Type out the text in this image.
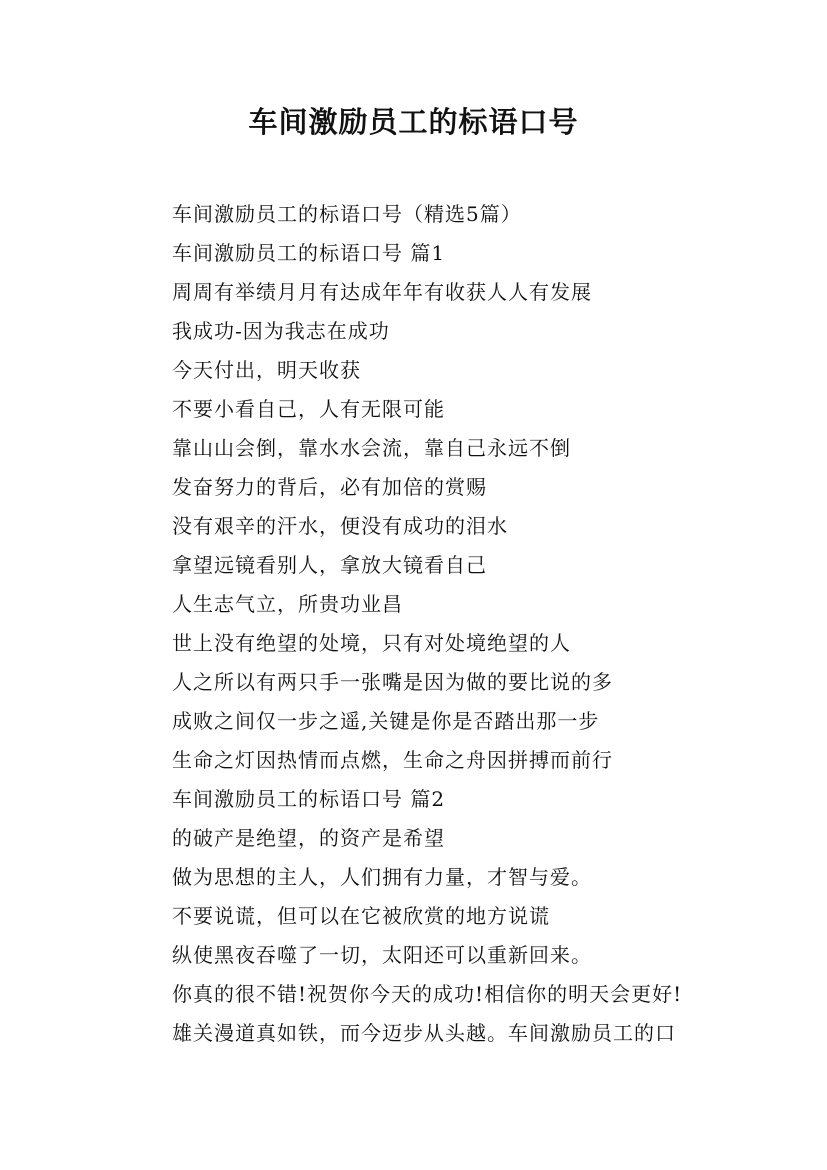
车间激励员工的标语口号
车间激励员工的标语口号（精选5篇）
车间激励员工的标语口号 篇1
周周有举绩月月有达成年年有收获人人有发展
我成功-因为我志在成功
今天付出，明天收获
不要小看自己，人有无限可能
靠山山会倒，靠水水会流，靠自己永远不倒
发奋努力的背后，必有加倍的赏赐
没有艰辛的汗水，便没有成功的泪水
拿望远镜看别人，拿放大镜看自己
人生志气立，所贵功业昌
世上没有绝望的处境，只有对处境绝望的人
人之所以有两只手一张嘴是因为做的要比说的多
成败之间仅一步之遥,关键是你是否踏出那一步
生命之灯因热情而点燃，生命之舟因拼搏而前行
车间激励员工的标语口号 篇2
的破产是绝望，的资产是希望
做为思想的主人，人们拥有力量，才智与爱。
不要说谎，但可以在它被欣赏的地方说谎
纵使黑夜吞噬了一切，太阳还可以重新回来。
你真的很不错!祝贺你今天的成功!相信你的明天会更好!
雄关漫道真如铁，而今迈步从头越。车间激励员工的口
